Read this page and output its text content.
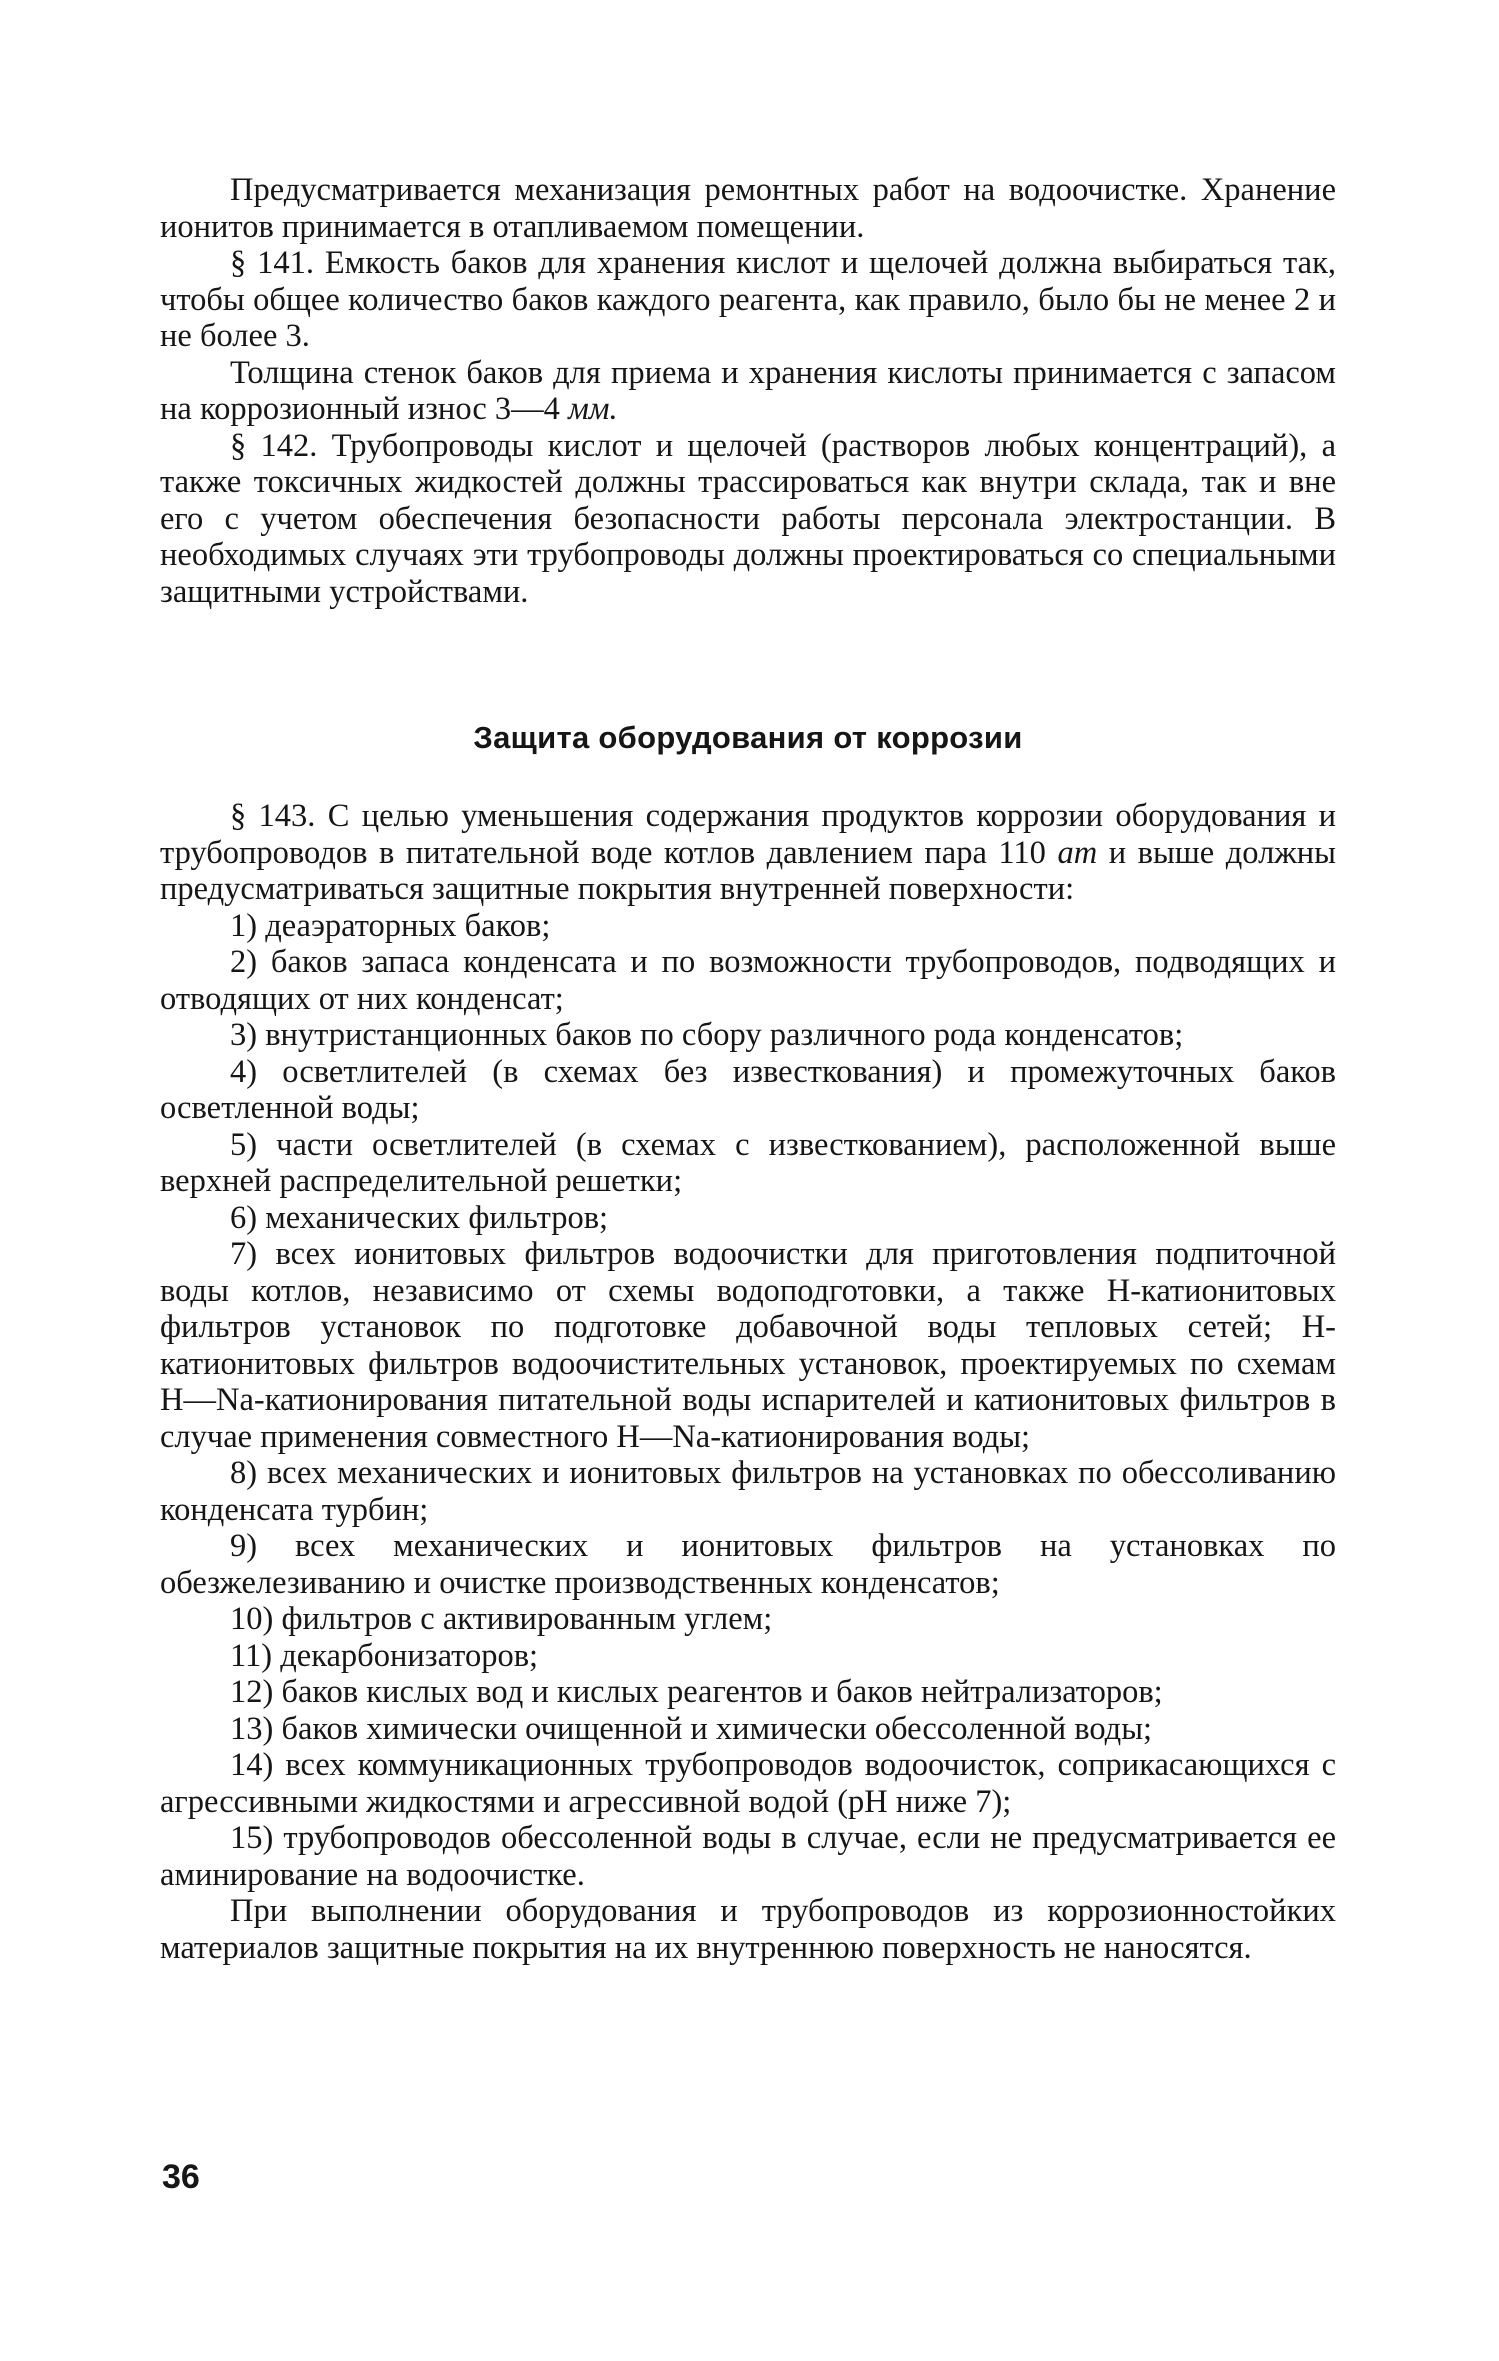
Предусматривается механизация ремонтных работ на водоочистке. Хранение ионитов принимается в отапливаемом помещении.

§ 141. Емкость баков для хранения кислот и щелочей должна выбираться так, чтобы общее количество баков каждого реагента, как правило, было бы не менее 2 и не более 3.

Толщина стенок баков для приема и хранения кислоты принимается с запасом на коррозионный износ 3—4 мм.

§ 142. Трубопроводы кислот и щелочей (растворов любых концентраций), а также токсичных жидкостей должны трассироваться как внутри склада, так и вне его с учетом обеспечения безопасности работы персонала электростанции. В необходимых случаях эти трубопроводы должны проектироваться со специальными защитными устройствами.

Защита оборудования от коррозии

§ 143. С целью уменьшения содержания продуктов коррозии оборудования и трубопроводов в питательной воде котлов давлением пара 110 ат и выше должны предусматриваться защитные покрытия внутренней поверхности:

1) деаэраторных баков;

2) баков запаса конденсата и по возможности трубопроводов, подводящих и отводящих от них конденсат;

3) внутристанционных баков по сбору различного рода конденсатов;

4) осветлителей (в схемах без известкования) и промежуточных баков осветленной воды;

5) части осветлителей (в схемах с известкованием), расположенной выше верхней распределительной решетки;

6) механических фильтров;

7) всех ионитовых фильтров водоочистки для приготовления подпиточной воды котлов, независимо от схемы водоподготовки, а также Н-катионитовых фильтров установок по подготовке добавочной воды тепловых сетей; Н-катионитовых фильтров водоочистительных установок, проектируемых по схемам Н—Na-катионирования питательной воды испарителей и катионитовых фильтров в случае применения совместного Н—Na-катионирования воды;

8) всех механических и ионитовых фильтров на установках по обессоливанию конденсата турбин;

9) всех механических и ионитовых фильтров на установках по обезжелезиванию и очистке производственных конденсатов;

10) фильтров с активированным углем;

11) декарбонизаторов;

12) баков кислых вод и кислых реагентов и баков нейтрализаторов;

13) баков химически очищенной и химически обессоленной воды;

14) всех коммуникационных трубопроводов водоочисток, соприкасающихся с агрессивными жидкостями и агрессивной водой (рН ниже 7);

15) трубопроводов обессоленной воды в случае, если не предусматривается ее аминирование на водоочистке.

При выполнении оборудования и трубопроводов из коррозионностойких материалов защитные покрытия на их внутреннюю поверхность не наносятся.

36
